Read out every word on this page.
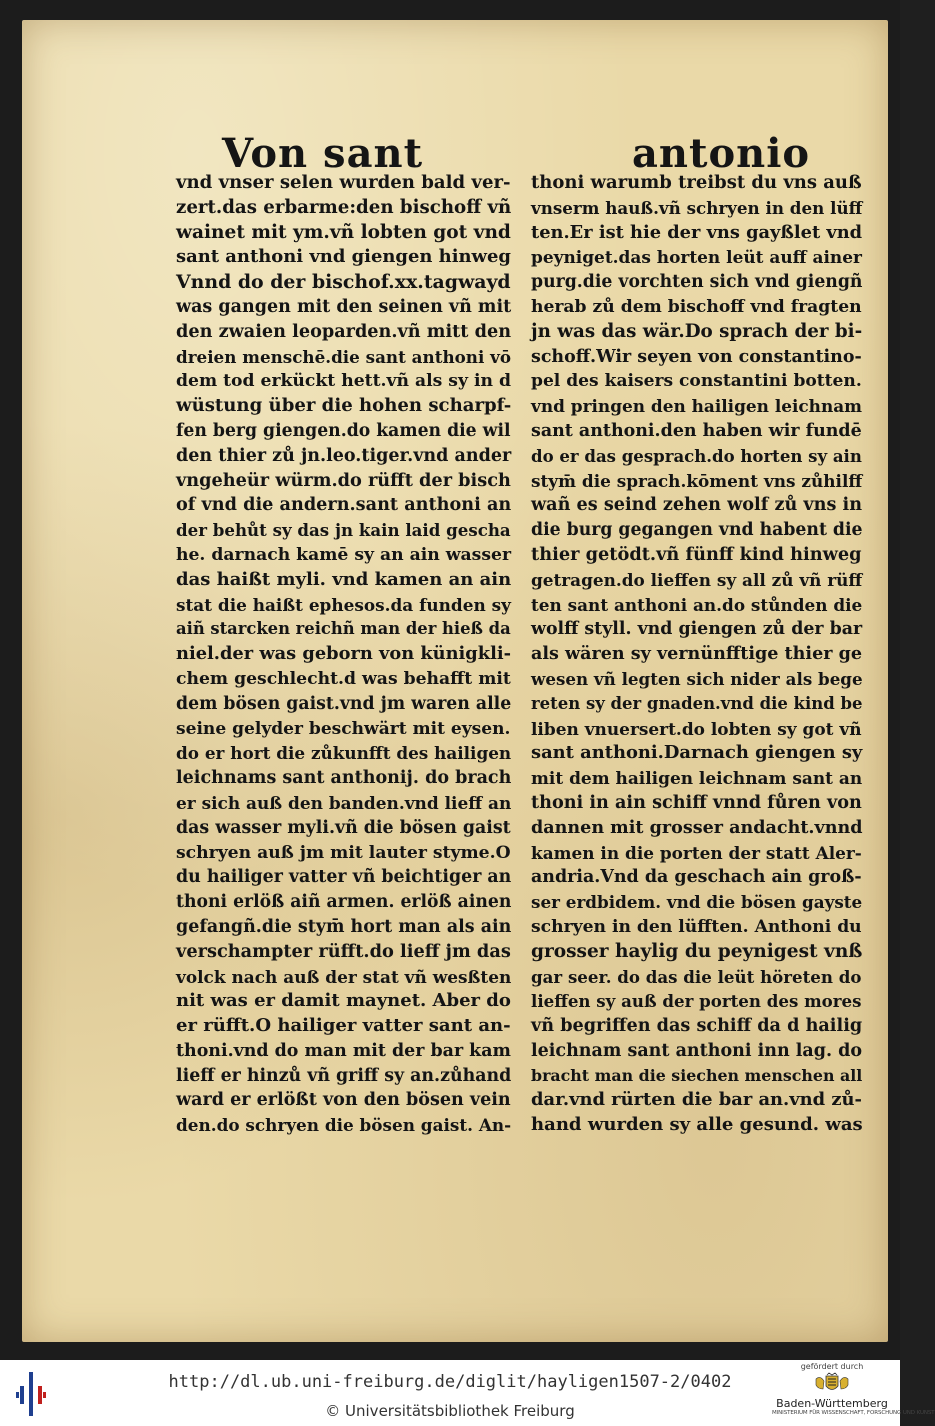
Von sant	antonio
vnd vnser selen wurden bald ver-
zert.das erbarme:den bischoff vñ
wainet mit ym.vñ lobten got vnd
sant anthoni vnd giengen hinweg
Vnnd do der bischof.xx.tagwayd
was gangen mit den seinen vñ mit
den zwaien leoparden.vñ mitt den
dreien menschē.die sant anthoni vō
dem tod erkückt hett.vñ als sy in d
wüstung über die hohen scharpf-
fen berg giengen.do kamen die wil
den thier zů jn.leo.tiger.vnd ander
vngeheür würm.do rüfft der bisch
of vnd die andern.sant anthoni an
der behůt sy das jn kain laid gescha
he. darnach kamē sy an ain wasser
das haißt myli. vnd kamen an ain
stat die haißt ephesos.da funden sy
aiñ starcken reichñ man der hieß da
niel.der was geborn von künigkli-
chem geschlecht.d was behafft mit
dem bösen gaist.vnd jm waren alle
seine gelyder beschwärt mit eysen.
do er hort die zůkunfft des hailigen
leichnams sant anthonij. do brach
er sich auß den banden.vnd lieff an
das wasser myli.vñ die bösen gaist
schryen auß jm mit lauter styme.O
du hailiger vatter vñ beichtiger an
thoni erlöß aiñ armen. erlöß ainen
gefangñ.die stym̄ hort man als ain
verschampter rüfft.do lieff jm das
volck nach auß der stat vñ wesßten
nit was er damit maynet. Aber do
er rüfft.O hailiger vatter sant an-
thoni.vnd do man mit der bar kam
lieff er hinzů vñ griff sy an.zůhand
ward er erlößt von den bösen vein
den.do schryen die bösen gaist. An-
thoni warumb treibst du vns auß
vnserm hauß.vñ schryen in den lüff
ten.Er ist hie der vns gayßlet vnd
peyniget.das horten leüt auff ainer
purg.die vorchten sich vnd giengñ
herab zů dem bischoff vnd fragten
jn was das wär.Do sprach der bi-
schoff.Wir seyen von constantino-
pel des kaisers constantini botten.
vnd pringen den hailigen leichnam
sant anthoni.den haben wir fundē
do er das gesprach.do horten sy ain
stym̄ die sprach.kōment vns zůhilff
wañ es seind zehen wolf zů vns in
die burg gegangen vnd habent die
thier getödt.vñ fünff kind hinweg
getragen.do lieffen sy all zů vñ rüff
ten sant anthoni an.do stůnden die
wolff styll. vnd giengen zů der bar
als wären sy vernünfftige thier ge
wesen vñ legten sich nider als bege
reten sy der gnaden.vnd die kind be
liben vnuersert.do lobten sy got vñ
sant anthoni.Darnach giengen sy
mit dem hailigen leichnam sant an
thoni in ain schiff vnnd fůren von
dannen mit grosser andacht.vnnd
kamen in die porten der statt Aler-
andria.Vnd da geschach ain groß-
ser erdbidem. vnd die bösen gayste
schryen in den lüfften. Anthoni du
grosser haylig du peynigest vnß
gar seer. do das die leüt höreten do
lieffen sy auß der porten des mores
vñ begriffen das schiff da d hailig
leichnam sant anthoni inn lag. do
bracht man die siechen menschen all
dar.vnd rürten die bar an.vnd zů-
hand wurden sy alle gesund. was
http://dl.ub.uni-freiburg.de/diglit/hayligen1507-2/0402
© Universitätsbibliothek Freiburg
gefördert durch
Baden-Württemberg
MINISTERIUM FÜR WISSENSCHAFT, FORSCHUNG UND KUNST
